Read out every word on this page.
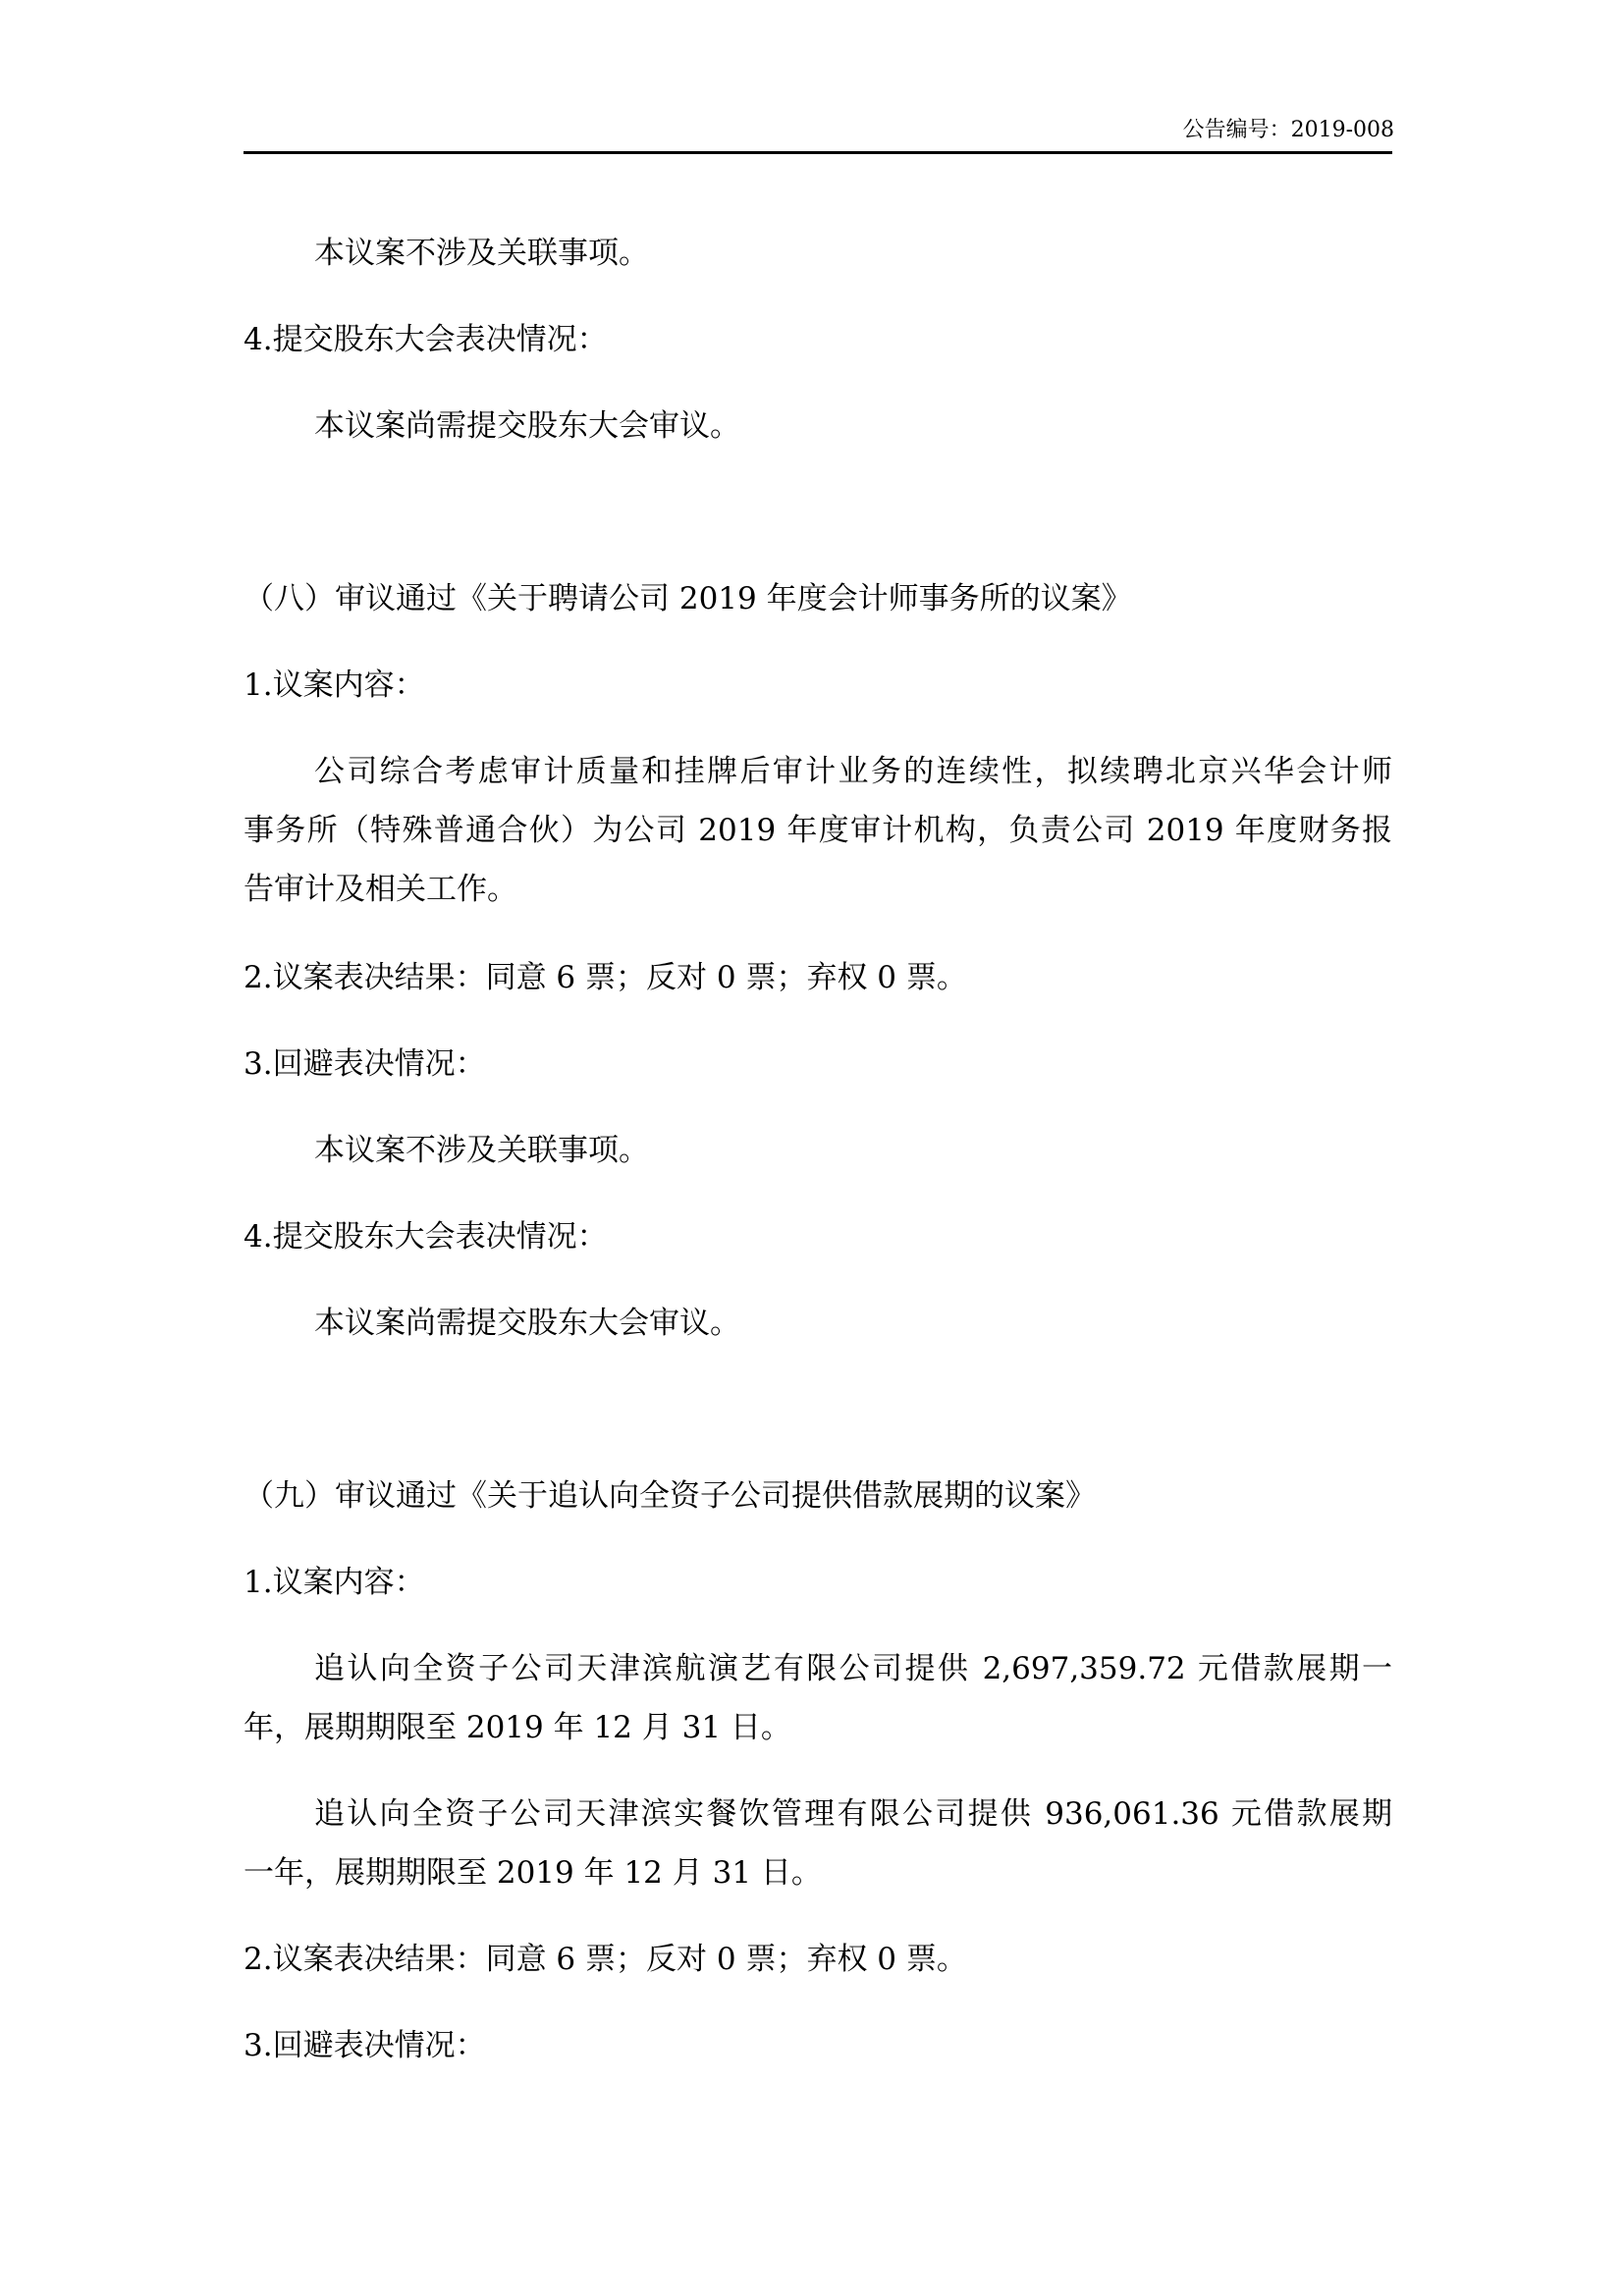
公告编号：2019-008
本议案不涉及关联事项。
4.提交股东大会表决情况：
本议案尚需提交股东大会审议。
（八）审议通过《关于聘请公司 2019 年度会计师事务所的议案》
1.议案内容：
公司综合考虑审计质量和挂牌后审计业务的连续性，拟续聘北京兴华会计师
事务所（特殊普通合伙）为公司 2019 年度审计机构，负责公司 2019 年度财务报
告审计及相关工作。
2.议案表决结果：同意 6 票；反对 0 票；弃权 0 票。
3.回避表决情况：
本议案不涉及关联事项。
4.提交股东大会表决情况：
本议案尚需提交股东大会审议。
（九）审议通过《关于追认向全资子公司提供借款展期的议案》
1.议案内容：
追认向全资子公司天津滨航演艺有限公司提供 2,697,359.72 元借款展期一
年，展期期限至 2019 年 12 月 31 日。
追认向全资子公司天津滨实餐饮管理有限公司提供 936,061.36 元借款展期
一年，展期期限至 2019 年 12 月 31 日。
2.议案表决结果：同意 6 票；反对 0 票；弃权 0 票。
3.回避表决情况：
